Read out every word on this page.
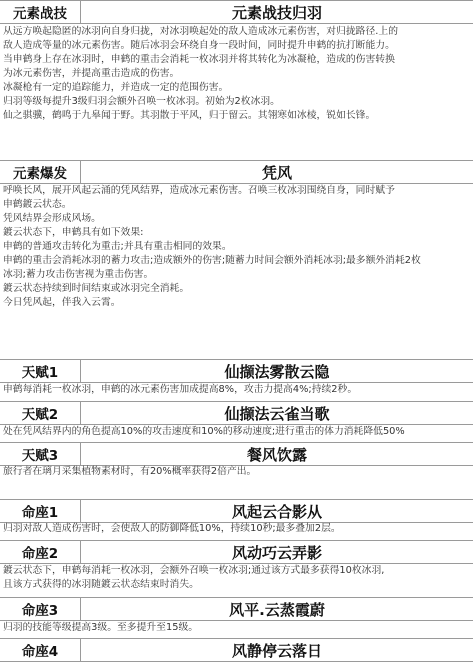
元素战技	元素战技归羽

从远方唤起隐匿的冰羽向自身归拢，对冰羽唤起处的敌人造成冰元素伤害，对归拢路径.上的

敌人造成等量的冰元素伤害。随后冰羽会环绕自身一段时间，同时提升申鹤的抗打断能力。

当申鹤身上存在冰羽时，申鹤的重击会消耗一枚冰羽并将其转化为冰凝枪，造成的伤害转换

为冰元素伤害，并提高重击造成的伤害。

冰凝枪有一定的追踪能力，并造成一定的范围伤害。

归羽等级每提升3级归羽会额外召唤一枚冰羽。初始为2枚冰羽。

仙之骐骥，鹤鸣于九皋闻于野。其羽散于平风，归于留云。其翎寒如冰棱，锐如长锋。

元素爆发	凭风

呼唤长风，展开风起云涌的凭风结界，造成冰元素伤害。召唤三枚冰羽围绕自身，同时赋予

申鹤鍍云状态。

凭风结界会形成风场。

鍍云状态下，申鹤具有如下效果:

申鹤的普通攻击转化为重击;并具有重击相同的效果。

申鹤的重击会消耗冰羽的蓄力攻击;造成额外的伤害;随蓄力时间会额外消耗冰羽;最多额外消耗2枚

冰羽;蓄力攻击伤害视为重击伤害。

鍍云状态持续到时间结束或冰羽完全消耗。

今日凭风起，伴我入云霄。

天赋1	仙撷法雾散云隐

申鹤每消耗一枚冰羽，申鹤的冰元素伤害加成提高8%，攻击力提高4%;持续2秒。

天赋2	仙撷法云雀当歌

处在凭风结界内的角色提高10%的攻击速度和10%的移动速度;进行重击的体力消耗降低50%

天赋3	餐风饮露

旅行者在璃月采集植物素材时，有20%概率获得2倍产出。

命座1	风起云合影从

归羽对敌人造成伤害时，会使敌人的防御降低10%，持续10秒;最多叠加2层。

命座2	风动巧云弄影

鍍云状态下，申鹤每消耗一枚冰羽，会额外召唤一枚冰羽;通过该方式最多获得10枚冰羽,

且该方式获得的冰羽随鍍云状态结束时消失。

命座3	风平.云蒸霞蔚

归羽的技能等级提高3级。至多提升至15级。

命座4	风静停云落日
